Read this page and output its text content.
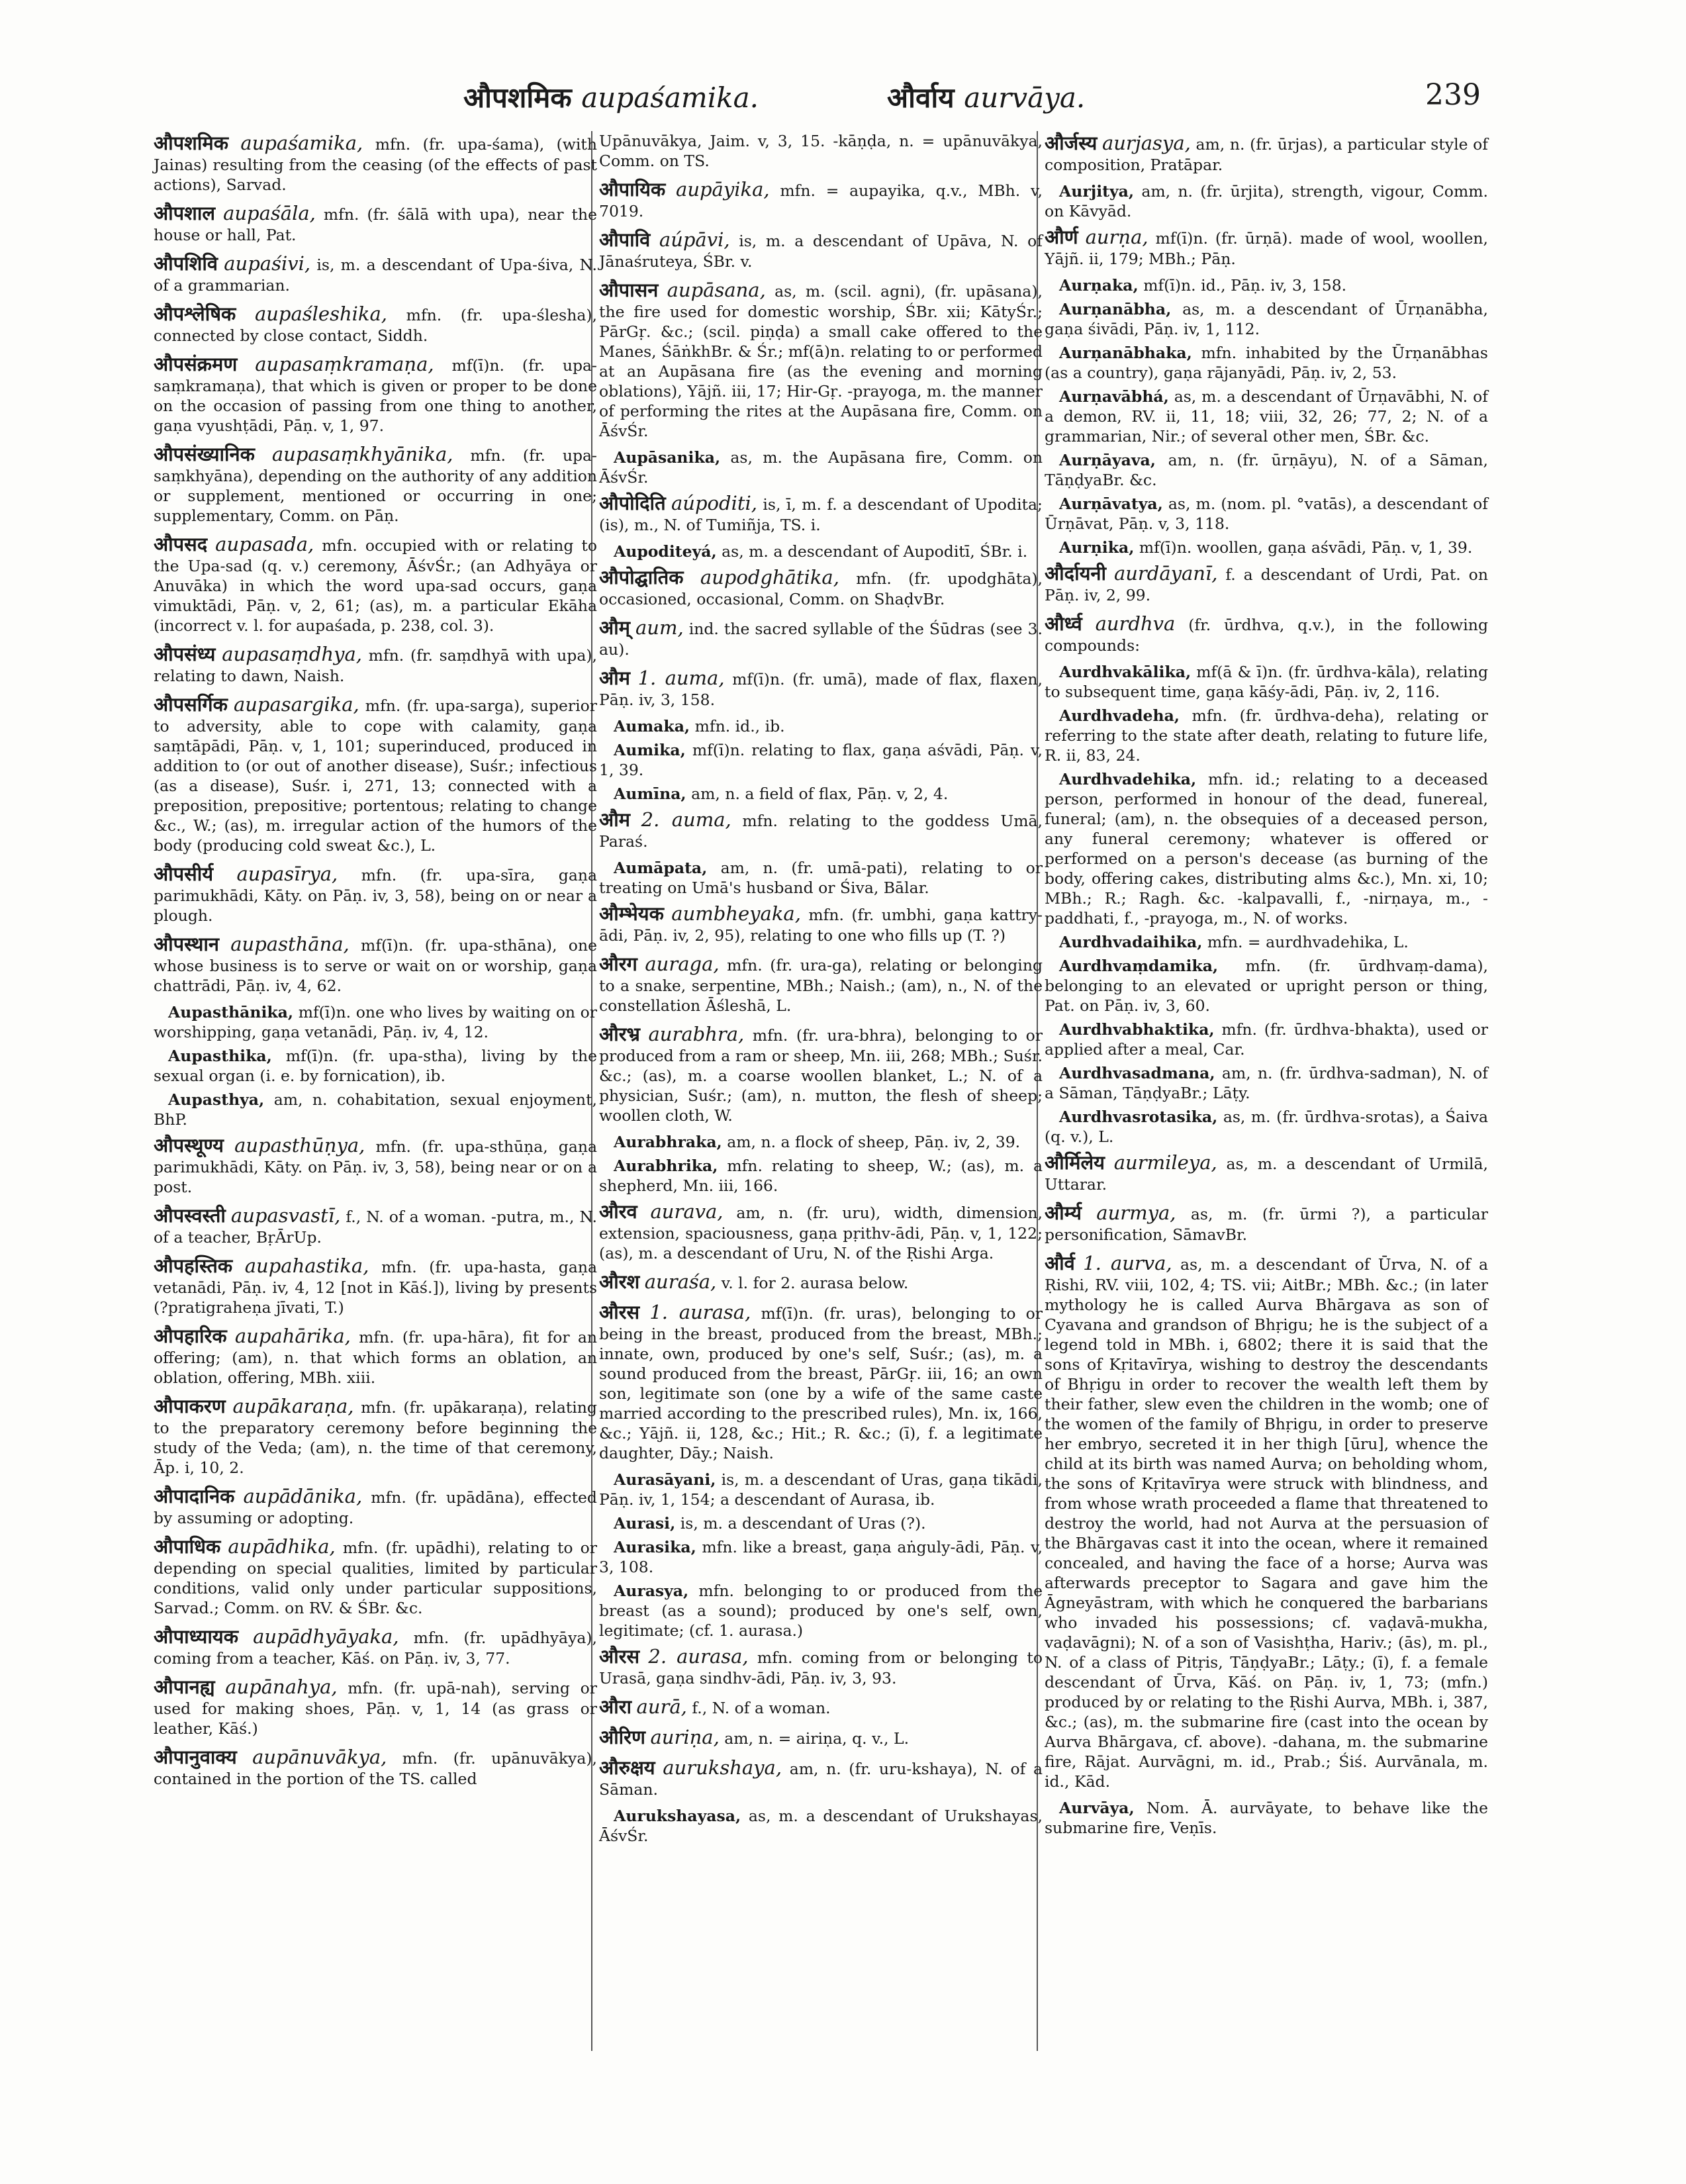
औपशमिक aupaśamika.	और्वाय aurvāya.	239

औपशमिक aupaśamika, mfn. (fr. upa-śama), (with Jainas) resulting from the ceasing (of the effects of past actions), Sarvad.

औपशाल aupaśāla, mfn. (fr. śālā with upa), near the house or hall, Pat.

औपशिवि aupaśivi, is, m. a descendant of Upa-śiva, N. of a grammarian.

औपश्लेषिक aupaśleshika, mfn. (fr. upa-ślesha), connected by close contact, Siddh.

औपसंक्रमण aupasaṃkramaṇa, mf(ī)n. (fr. upa-saṃkramaṇa), that which is given or proper to be done on the occasion of passing from one thing to another, gaṇa vyushṭādi, Pāṇ. v, 1, 97.

औपसंख्यानिक aupasaṃkhyānika, mfn. (fr. upa-saṃkhyāna), depending on the authority of any addition or supplement, mentioned or occurring in one; supplementary, Comm. on Pāṇ.

औपसद aupasada, mfn. occupied with or relating to the Upa-sad (q. v.) ceremony, ĀśvŚr.; (an Adhyāya or Anuvāka) in which the word upa-sad occurs, gaṇa vimuktādi, Pāṇ. v, 2, 61; (as), m. a particular Ekāha (incorrect v. l. for aupaśada, p. 238, col. 3).

औपसंध्य aupasaṃdhya, mfn. (fr. saṃdhyā with upa), relating to dawn, Naish.

औपसर्गिक aupasargika, mfn. (fr. upa-sarga), superior to adversity, able to cope with calamity, gaṇa saṃtāpādi, Pāṇ. v, 1, 101; superinduced, produced in addition to (or out of another disease), Suśr.; infectious (as a disease), Suśr. i, 271, 13; connected with a preposition, prepositive; portentous; relating to change &c., W.; (as), m. irregular action of the humors of the body (producing cold sweat &c.), L.

औपसीर्य aupasīrya, mfn. (fr. upa-sīra, gaṇa parimukhādi, Kāty. on Pāṇ. iv, 3, 58), being on or near a plough.

औपस्थान aupasthāna, mf(ī)n. (fr. upa-sthāna), one whose business is to serve or wait on or worship, gaṇa chattrādi, Pāṇ. iv, 4, 62.

Aupasthānika, mf(ī)n. one who lives by waiting on or worshipping, gaṇa vetanādi, Pāṇ. iv, 4, 12.

Aupasthika, mf(ī)n. (fr. upa-stha), living by the sexual organ (i. e. by fornication), ib.

Aupasthya, am, n. cohabitation, sexual enjoyment, BhP.

औपस्थूण्य aupasthūṇya, mfn. (fr. upa-sthūṇa, gaṇa parimukhādi, Kāty. on Pāṇ. iv, 3, 58), being near or on a post.

औपस्वस्ती aupasvastī, f., N. of a woman. -putra, m., N. of a teacher, BṛĀrUp.

औपहस्तिक aupahastika, mfn. (fr. upa-hasta, gaṇa vetanādi, Pāṇ. iv, 4, 12 [not in Kāś.]), living by presents (?pratigraheṇa jīvati, T.)

औपहारिक aupahārika, mfn. (fr. upa-hāra), fit for an offering; (am), n. that which forms an oblation, an oblation, offering, MBh. xiii.

औपाकरण aupākaraṇa, mfn. (fr. upākaraṇa), relating to the preparatory ceremony before beginning the study of the Veda; (am), n. the time of that ceremony, Āp. i, 10, 2.

औपादानिक aupādānika, mfn. (fr. upādāna), effected by assuming or adopting.

औपाधिक aupādhika, mfn. (fr. upādhi), relating to or depending on special qualities, limited by particular conditions, valid only under particular suppositions, Sarvad.; Comm. on RV. & ŚBr. &c.

औपाध्यायक aupādhyāyaka, mfn. (fr. upādhyāya), coming from a teacher, Kāś. on Pāṇ. iv, 3, 77.

औपानह्य aupānahya, mfn. (fr. upā-nah), serving or used for making shoes, Pāṇ. v, 1, 14 (as grass or leather, Kāś.)

औपानुवाक्य aupānuvākya, mfn. (fr. upānuvākya), contained in the portion of the TS. called

Upānuvākya, Jaim. v, 3, 15. -kāṇḍa, n. = upānuvākya, Comm. on TS.

औपायिक aupāyika, mfn. = aupayika, q.v., MBh. v, 7019.

औपावि aúpāvi, is, m. a descendant of Upāva, N. of Jānaśruteya, ŚBr. v.

औपासन aupāsana, as, m. (scil. agni), (fr. upāsana), the fire used for domestic worship, ŚBr. xii; KātyŚr.; PārGṛ. &c.; (scil. piṇḍa) a small cake offered to the Manes, ŚāṅkhBr. & Śr.; mf(ā)n. relating to or performed at an Aupāsana fire (as the evening and morning oblations), Yājñ. iii, 17; Hir-Gṛ. -prayoga, m. the manner of performing the rites at the Aupāsana fire, Comm. on ĀśvŚr.

Aupāsanika, as, m. the Aupāsana fire, Comm. on ĀśvŚr.

औपोदिति aúpoditi, is, ī, m. f. a descendant of Upodita; (is), m., N. of Tumiñja, TS. i.

Aupoditeyá, as, m. a descendant of Aupoditī, ŚBr. i.

औपोद्घातिक aupodghātika, mfn. (fr. upodghāta), occasioned, occasional, Comm. on ShaḍvBr.

औम् aum, ind. the sacred syllable of the Śūdras (see 3. au).

औम 1. auma, mf(ī)n. (fr. umā), made of flax, flaxen, Pāṇ. iv, 3, 158.

Aumaka, mfn. id., ib.

Aumika, mf(ī)n. relating to flax, gaṇa aśvādi, Pāṇ. v, 1, 39.

Aumīna, am, n. a field of flax, Pāṇ. v, 2, 4.

औम 2. auma, mfn. relating to the goddess Umā, Paraś.

Aumāpata, am, n. (fr. umā-pati), relating to or treating on Umā's husband or Śiva, Bālar.

औम्भेयक aumbheyaka, mfn. (fr. umbhi, gaṇa kattry-ādi, Pāṇ. iv, 2, 95), relating to one who fills up (T. ?)

औरग auraga, mfn. (fr. ura-ga), relating or belonging to a snake, serpentine, MBh.; Naish.; (am), n., N. of the constellation Āśleshā, L.

औरभ्र aurabhra, mfn. (fr. ura-bhra), belonging to or produced from a ram or sheep, Mn. iii, 268; MBh.; Suśr. &c.; (as), m. a coarse woollen blanket, L.; N. of a physician, Suśr.; (am), n. mutton, the flesh of sheep; woollen cloth, W.

Aurabhraka, am, n. a flock of sheep, Pāṇ. iv, 2, 39.

Aurabhrika, mfn. relating to sheep, W.; (as), m. a shepherd, Mn. iii, 166.

औरव aurava, am, n. (fr. uru), width, dimension, extension, spaciousness, gaṇa pṛithv-ādi, Pāṇ. v, 1, 122; (as), m. a descendant of Uru, N. of the Ṛishi Arga.

औरश auraśa, v. l. for 2. aurasa below.

औरस 1. aurasa, mf(ī)n. (fr. uras), belonging to or being in the breast, produced from the breast, MBh.; innate, own, produced by one's self, Suśr.; (as), m. a sound produced from the breast, PārGṛ. iii, 16; an own son, legitimate son (one by a wife of the same caste married according to the prescribed rules), Mn. ix, 166, &c.; Yājñ. ii, 128, &c.; Hit.; R. &c.; (ī), f. a legitimate daughter, Dāy.; Naish.

Aurasāyani, is, m. a descendant of Uras, gaṇa tikādi, Pāṇ. iv, 1, 154; a descendant of Aurasa, ib.

Aurasi, is, m. a descendant of Uras (?).

Aurasika, mfn. like a breast, gaṇa aṅguly-ādi, Pāṇ. v, 3, 108.

Aurasya, mfn. belonging to or produced from the breast (as a sound); produced by one's self, own, legitimate; (cf. 1. aurasa.)

औरस 2. aurasa, mfn. coming from or belonging to Urasā, gaṇa sindhv-ādi, Pāṇ. iv, 3, 93.

औरा aurā, f., N. of a woman.

औरिण auriṇa, am, n. = airiṇa, q. v., L.

औरुक्षय aurukshaya, am, n. (fr. uru-kshaya), N. of a Sāman.

Aurukshayasa, as, m. a descendant of Urukshayas, ĀśvŚr.

और्जस्य aurjasya, am, n. (fr. ūrjas), a particular style of composition, Pratāpar.

Aurjitya, am, n. (fr. ūrjita), strength, vigour, Comm. on Kāvyād.

और्ण aurṇa, mf(ī)n. (fr. ūrṇā). made of wool, woollen, Yājñ. ii, 179; MBh.; Pāṇ.

Aurṇaka, mf(ī)n. id., Pāṇ. iv, 3, 158.

Aurṇanābha, as, m. a descendant of Ūrṇanābha, gaṇa śivādi, Pāṇ. iv, 1, 112.

Aurṇanābhaka, mfn. inhabited by the Ūrṇanābhas (as a country), gaṇa rājanyādi, Pāṇ. iv, 2, 53.

Aurṇavābhá, as, m. a descendant of Ūrṇavābhi, N. of a demon, RV. ii, 11, 18; viii, 32, 26; 77, 2; N. of a grammarian, Nir.; of several other men, ŚBr. &c.

Aurṇāyava, am, n. (fr. ūrṇāyu), N. of a Sāman, TāṇḍyaBr. &c.

Aurṇāvatya, as, m. (nom. pl. °vatās), a descendant of Ūrṇāvat, Pāṇ. v, 3, 118.

Aurṇika, mf(ī)n. woollen, gaṇa aśvādi, Pāṇ. v, 1, 39.

और्दायनी aurdāyanī, f. a descendant of Urdi, Pat. on Pāṇ. iv, 2, 99.

और्ध्व aurdhva (fr. ūrdhva, q.v.), in the following compounds:

Aurdhvakālika, mf(ā & ī)n. (fr. ūrdhva-kāla), relating to subsequent time, gaṇa kāśy-ādi, Pāṇ. iv, 2, 116.

Aurdhvadeha, mfn. (fr. ūrdhva-deha), relating or referring to the state after death, relating to future life, R. ii, 83, 24.

Aurdhvadehika, mfn. id.; relating to a deceased person, performed in honour of the dead, funereal, funeral; (am), n. the obsequies of a deceased person, any funeral ceremony; whatever is offered or performed on a person's decease (as burning of the body, offering cakes, distributing alms &c.), Mn. xi, 10; MBh.; R.; Ragh. &c. -kalpavalli, f., -nirṇaya, m., -paddhati, f., -prayoga, m., N. of works.

Aurdhvadaihika, mfn. = aurdhvadehika, L.

Aurdhvaṃdamika, mfn. (fr. ūrdhvaṃ-dama), belonging to an elevated or upright person or thing, Pat. on Pāṇ. iv, 3, 60.

Aurdhvabhaktika, mfn. (fr. ūrdhva-bhakta), used or applied after a meal, Car.

Aurdhvasadmana, am, n. (fr. ūrdhva-sadman), N. of a Sāman, TāṇḍyaBr.; Lāṭy.

Aurdhvasrotasika, as, m. (fr. ūrdhva-srotas), a Śaiva (q. v.), L.

और्मिलेय aurmileya, as, m. a descendant of Urmilā, Uttarar.

और्म्य aurmya, as, m. (fr. ūrmi ?), a particular personification, SāmavBr.

और्व 1. aurva, as, m. a descendant of Ūrva, N. of a Ṛishi, RV. viii, 102, 4; TS. vii; AitBr.; MBh. &c.; (in later mythology he is called Aurva Bhārgava as son of Cyavana and grandson of Bhṛigu; he is the subject of a legend told in MBh. i, 6802; there it is said that the sons of Kṛitavīrya, wishing to destroy the descendants of Bhṛigu in order to recover the wealth left them by their father, slew even the children in the womb; one of the women of the family of Bhṛigu, in order to preserve her embryo, secreted it in her thigh [ūru], whence the child at its birth was named Aurva; on beholding whom, the sons of Kṛitavīrya were struck with blindness, and from whose wrath proceeded a flame that threatened to destroy the world, had not Aurva at the persuasion of the Bhārgavas cast it into the ocean, where it remained concealed, and having the face of a horse; Aurva was afterwards preceptor to Sagara and gave him the Āgneyāstram, with which he conquered the barbarians who invaded his possessions; cf. vaḍavā-mukha, vaḍavāgni); N. of a son of Vasishṭha, Hariv.; (ās), m. pl., N. of a class of Pitṛis, TāṇḍyaBr.; Lāṭy.; (ī), f. a female descendant of Ūrva, Kāś. on Pāṇ. iv, 1, 73; (mfn.) produced by or relating to the Ṛishi Aurva, MBh. i, 387, &c.; (as), m. the submarine fire (cast into the ocean by Aurva Bhārgava, cf. above). -dahana, m. the submarine fire, Rājat. Aurvāgni, m. id., Prab.; Śiś. Aurvānala, m. id., Kād.

Aurvāya, Nom. Ā. aurvāyate, to behave like the submarine fire, Veṇīs.
